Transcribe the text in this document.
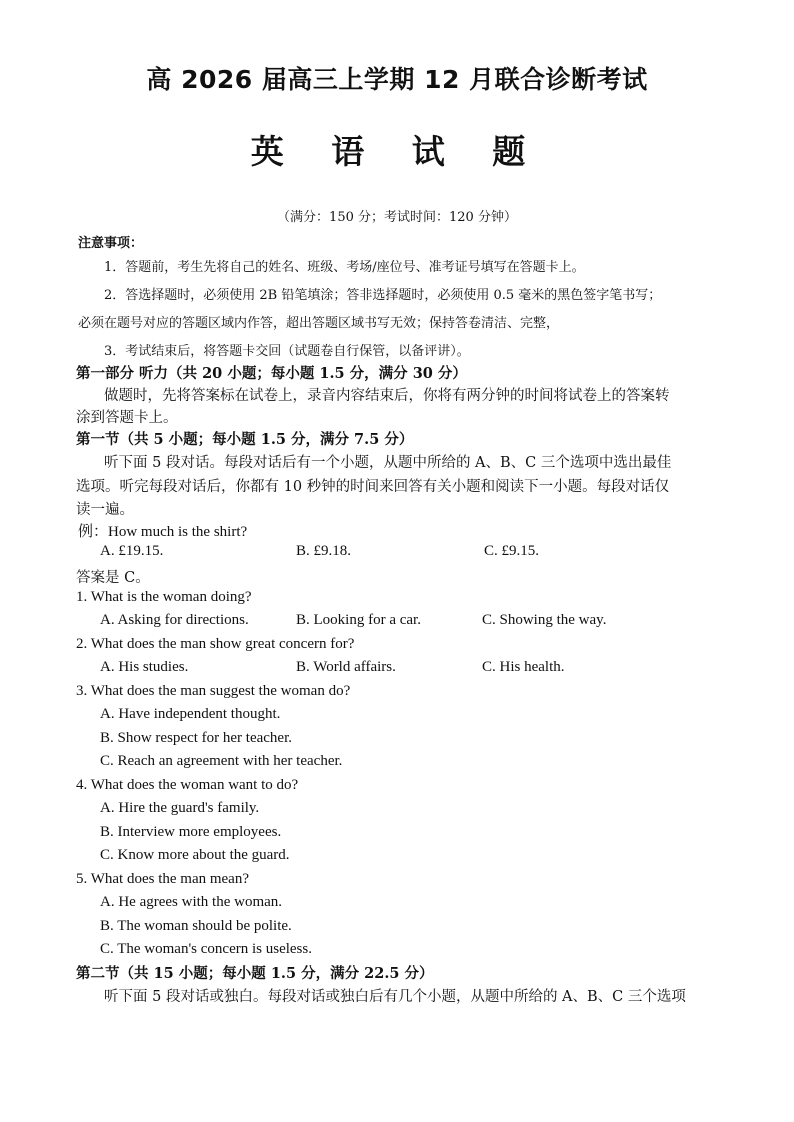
高 2026 届高三上学期 12 月联合诊断考试
英 语 试 题
（满分：150 分；考试时间：120 分钟）
注意事项：
1．答题前，考生先将自己的姓名、班级、考场/座位号、准考证号填写在答题卡上。
2．答选择题时，必须使用 2B 铅笔填涂；答非选择题时，必须使用 0.5 毫米的黑色签字笔书写；
必须在题号对应的答题区域内作答，超出答题区域书写无效；保持答卷清洁、完整，
3．考试结束后，将答题卡交回（试题卷自行保管，以备评讲）。
第一部分 听力（共 20 小题；每小题 1.5 分，满分 30 分）
做题时，先将答案标在试卷上，录音内容结束后，你将有两分钟的时间将试卷上的答案转
涂到答题卡上。
第一节（共 5 小题；每小题 1.5 分，满分 7.5 分）
听下面 5 段对话。每段对话后有一个小题，从题中所给的 A、B、C 三个选项中选出最佳
选项。听完每段对话后，你都有 10 秒钟的时间来回答有关小题和阅读下一小题。每段对话仅
读一遍。
例：How much is the shirt?
A. £19.15.	B. £9.18.	C. £9.15.
答案是 C。
1. What is the woman doing?
A. Asking for directions.	B. Looking for a car.	C. Showing the way.
2. What does the man show great concern for?
A. His studies.	B. World affairs.	C. His health.
3. What does the man suggest the woman do?
A. Have independent thought.
B. Show respect for her teacher.
C. Reach an agreement with her teacher.
4. What does the woman want to do?
A. Hire the guard's family.
B. Interview more employees.
C. Know more about the guard.
5. What does the man mean?
A. He agrees with the woman.
B. The woman should be polite.
C. The woman's concern is useless.
第二节（共 15 小题；每小题 1.5 分，满分 22.5 分）
听下面 5 段对话或独白。每段对话或独白后有几个小题，从题中所给的 A、B、C 三个选项
